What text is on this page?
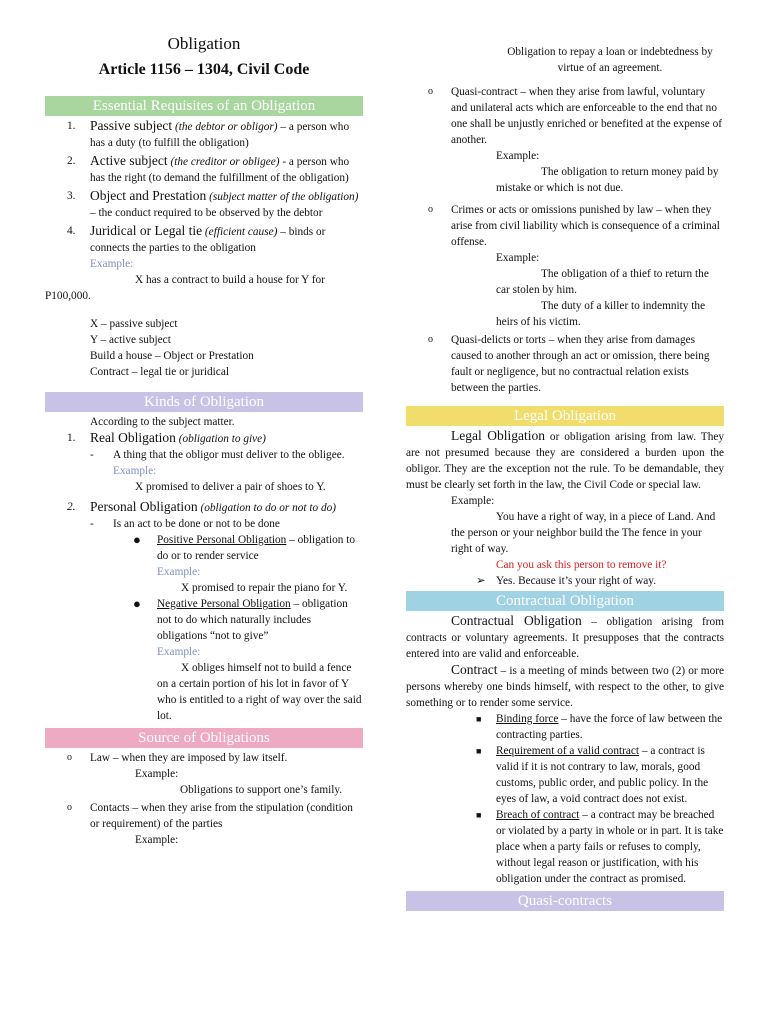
Obligation
Article 1156 – 1304, Civil Code
Essential Requisites of an Obligation
1. Passive subject (the debtor or obligor) – a person who has a duty (to fulfill the obligation)
2. Active subject (the creditor or obligee) - a person who has the right (to demand the fulfillment of the obligation)
3. Object and Prestation (subject matter of the obligation) – the conduct required to be observed by the debtor
4. Juridical or Legal tie (efficient cause) – binds or connects the parties to the obligation
Example:
X has a contract to build a house for Y for P100,000.
X – passive subject
Y – active subject
Build a house – Object or Prestation
Contract – legal tie or juridical
Kinds of Obligation
According to the subject matter.
1. Real Obligation (obligation to give)
- A thing that the obligor must deliver to the obligee.
Example:
X promised to deliver a pair of shoes to Y.
2. Personal Obligation (obligation to do or not to do)
- Is an act to be done or not to be done
● Positive Personal Obligation – obligation to do or to render service
Example:
X promised to repair the piano for Y.
● Negative Personal Obligation – obligation not to do which naturally includes obligations “not to give”
Example:
X obliges himself not to build a fence on a certain portion of his lot in favor of Y who is entitled to a right of way over the said lot.
Source of Obligations
o Law – when they are imposed by law itself.
Example:
Obligations to support one’s family.
o Contacts – when they arise from the stipulation (condition or requirement) of the parties
Example:
Obligation to repay a loan or indebtedness by virtue of an agreement.
o Quasi-contract – when they arise from lawful, voluntary and unilateral acts which are enforceable to the end that no one shall be unjustly enriched or benefited at the expense of another.
Example:
The obligation to return money paid by mistake or which is not due.
o Crimes or acts or omissions punished by law – when they arise from civil liability which is consequence of a criminal offense.
Example:
The obligation of a thief to return the car stolen by him.
The duty of a killer to indemnity the heirs of his victim.
o Quasi-delicts or torts – when they arise from damages caused to another through an act or omission, there being fault or negligence, but no contractual relation exists between the parties.
Legal Obligation
Legal Obligation or obligation arising from law. They are not presumed because they are considered a burden upon the obligor. They are the exception not the rule. To be demandable, they must be clearly set forth in the law, the Civil Code or special law.
Example:
You have a right of way, in a piece of Land. And the person or your neighbor build the The fence in your right of way.
Can you ask this person to remove it?
➢ Yes. Because it’s your right of way.
Contractual Obligation
Contractual Obligation – obligation arising from contracts or voluntary agreements. It presupposes that the contracts entered into are valid and enforceable.
Contract – is a meeting of minds between two (2) or more persons whereby one binds himself, with respect to the other, to give something or to render some service.
■ Binding force – have the force of law between the contracting parties.
■ Requirement of a valid contract – a contract is valid if it is not contrary to law, morals, good customs, public order, and public policy. In the eyes of law, a void contract does not exist.
■ Breach of contract – a contract may be breached or violated by a party in whole or in part. It is take place when a party fails or refuses to comply, without legal reason or justification, with his obligation under the contract as promised.
Quasi-contracts
